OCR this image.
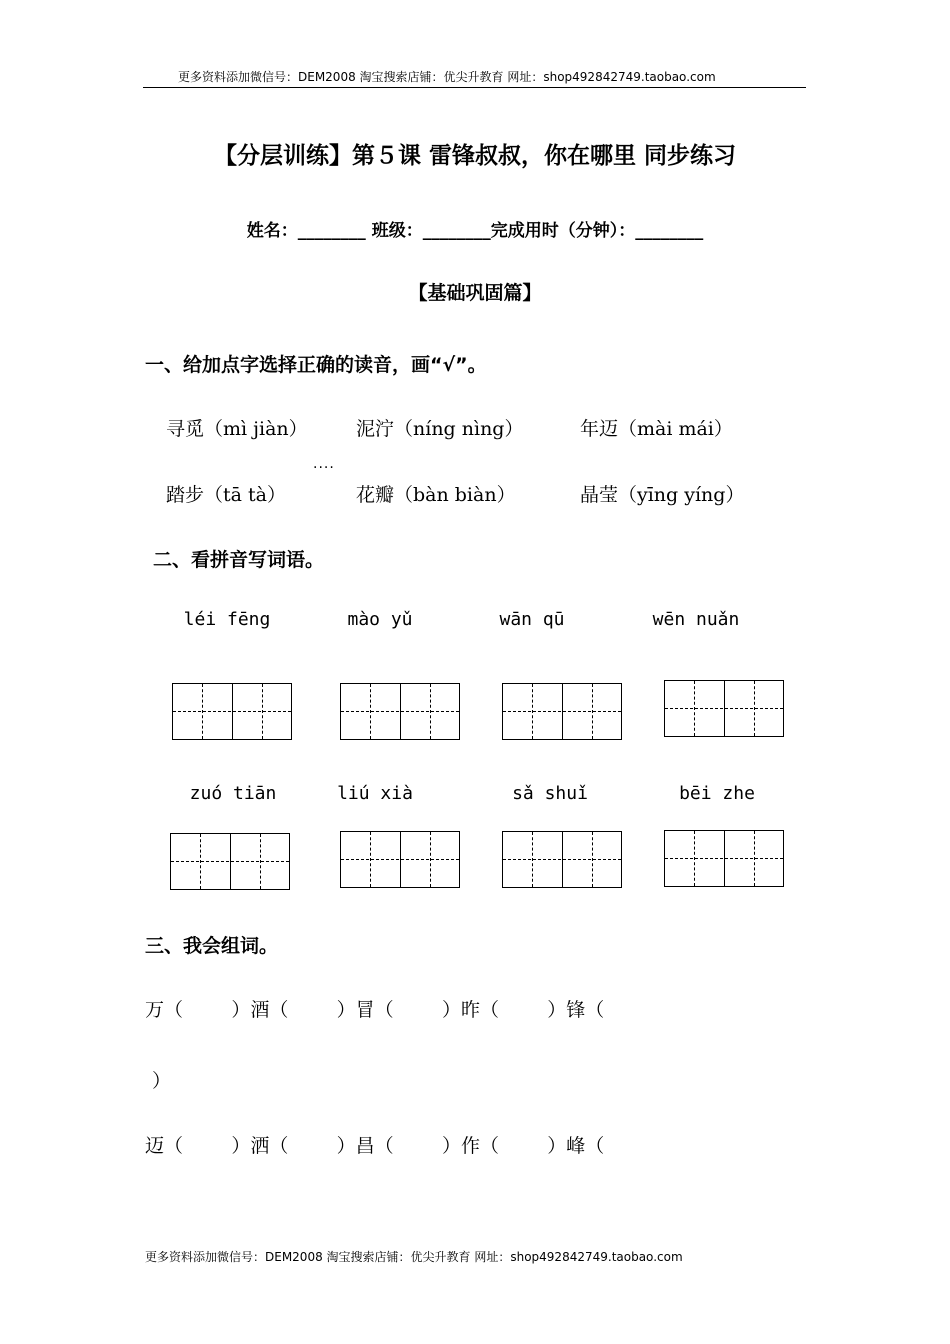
更多资料添加微信号：DEM2008 淘宝搜索店铺：优尖升教育 网址：shop492842749.taobao.com
【分层训练】第５课 雷锋叔叔，你在哪里 同步练习
姓名：________ 班级：________完成用时（分钟）：________
【基础巩固篇】
一、给加点字选择正确的读音，画“√”。
寻觅（mì jiàn）	泥泞（níng nìng）	年迈（mài mái）
····
踏步（tā tà）	花瓣（bàn biàn）	晶莹（yīng yíng）
二、看拼音写词语。
léi fēng	mào yǔ	wān qū	wēn nuǎn
zuó tiān	liú xià	sǎ shuǐ	bēi zhe
三、我会组词。
万（        ）酒（        ）冒（        ）昨（        ）锋（
）
迈（        ）洒（        ）昌（        ）作（        ）峰（
更多资料添加微信号：DEM2008 淘宝搜索店铺：优尖升教育 网址：shop492842749.taobao.com
